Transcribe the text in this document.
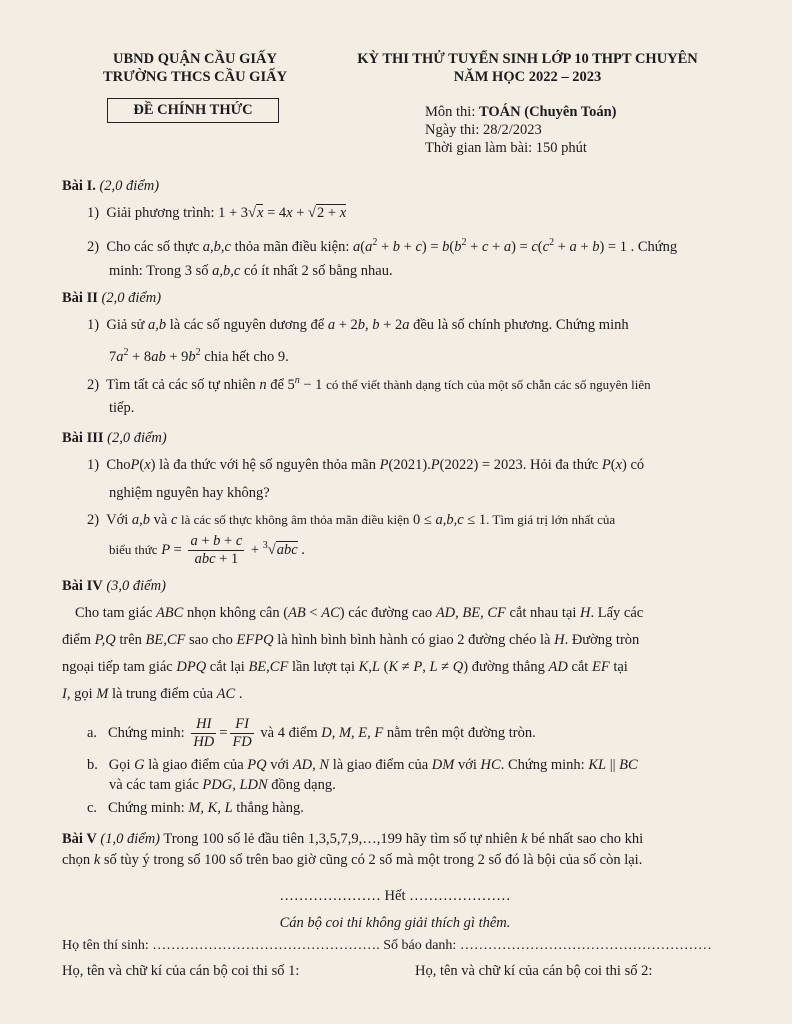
UBND QUẬN CẦU GIẤY
TRƯỜNG THCS CẦU GIẤY
KỲ THI THỬ TUYỂN SINH LỚP 10 THPT CHUYÊN
NĂM HỌC 2022 – 2023
ĐỀ CHÍNH THỨC	Môn thi: TOÁN (Chuyên Toán)
Ngày thi: 28/2/2023
Thời gian làm bài: 150 phút
Bài I. (2,0 điểm)
1) Giải phương trình: 1 + 3√x = 4x + √2 + x
2) Cho các số thực a,b,c thỏa mãn điều kiện: $a(a^2 + b + c) = b(b^2 + c + a) = c(c^2 + a + b) = 1$ . Chứng
minh: Trong 3 số a,b,c có ít nhất 2 số bằng nhau.
Bài II (2,0 điểm)
1) Giả sử a,b là các số nguyên dương để a + 2b, b + 2a đều là số chính phương. Chứng minh
$7a^2 + 8ab + 9b^2$ chia hết cho 9.
2) Tìm tất cả các số tự nhiên n để $5^n - 1$ có thể viết thành dạng tích của một số chẵn các số nguyên liên
tiếp.
Bài III (2,0 điểm)
1) ChoP(x) là đa thức với hệ số nguyên thỏa mãn P(2021).P(2022) = 2023. Hỏi đa thức P(x) có
nghiệm nguyên hay không?
2) Với a,b và c là các số thực không âm thỏa mãn điều kiện 0 ≤ a,b,c ≤ 1. Tìm giá trị lớn nhất của
biểu thức $P = \frac{a + b + c}{\text{abc + 1}} + ^3√abc$ .
Bài IV (3,0 điểm)
Cho tam giác ABC nhọn không cân (AB < AC) các đường cao AD, BE, CF cắt nhau tại H. Lấy các
điểm P,Q trên BE,CF sao cho EFPQ là hình bình bình hành có giao 2 đường chéo là H. Đường tròn
ngoại tiếp tam giác DPQ cắt lại BE,CF lần lượt tại K,L (K ≠ P, L ≠ Q) đường thẳng AD cắt EF tại
I, gọi M là trung điểm của AC .
a. Chứng minh: $\frac{HI}{HD} = \frac{FI}{FD}$ và 4 điểm D, M, E, F nằm trên một đường tròn.
b. Gọi G là giao điểm của PQ với AD, N là giao điểm của DM với HC. Chứng minh: KL || BC
và các tam giác PDG, LDN đồng dạng.
c. Chứng minh: M, K, L thẳng hàng.
Bài V (1,0 điểm) Trong 100 số lẻ đầu tiên 1,3,5,7,9,…,199 hãy tìm số tự nhiên k bé nhất sao cho khi
chọn k số tùy ý trong số 100 số trên bao giờ cũng có 2 số mà một trong 2 số đó là bội của số còn lại.
………………… Hết …………………
Cán bộ coi thi không giải thích gì thêm.
Họ tên thí sinh: …………………………………………. Số báo danh: ………………………………………………
Họ, tên và chữ kí của cán bộ coi thi số 1:	Họ, tên và chữ kí của cán bộ coi thi số 2:
